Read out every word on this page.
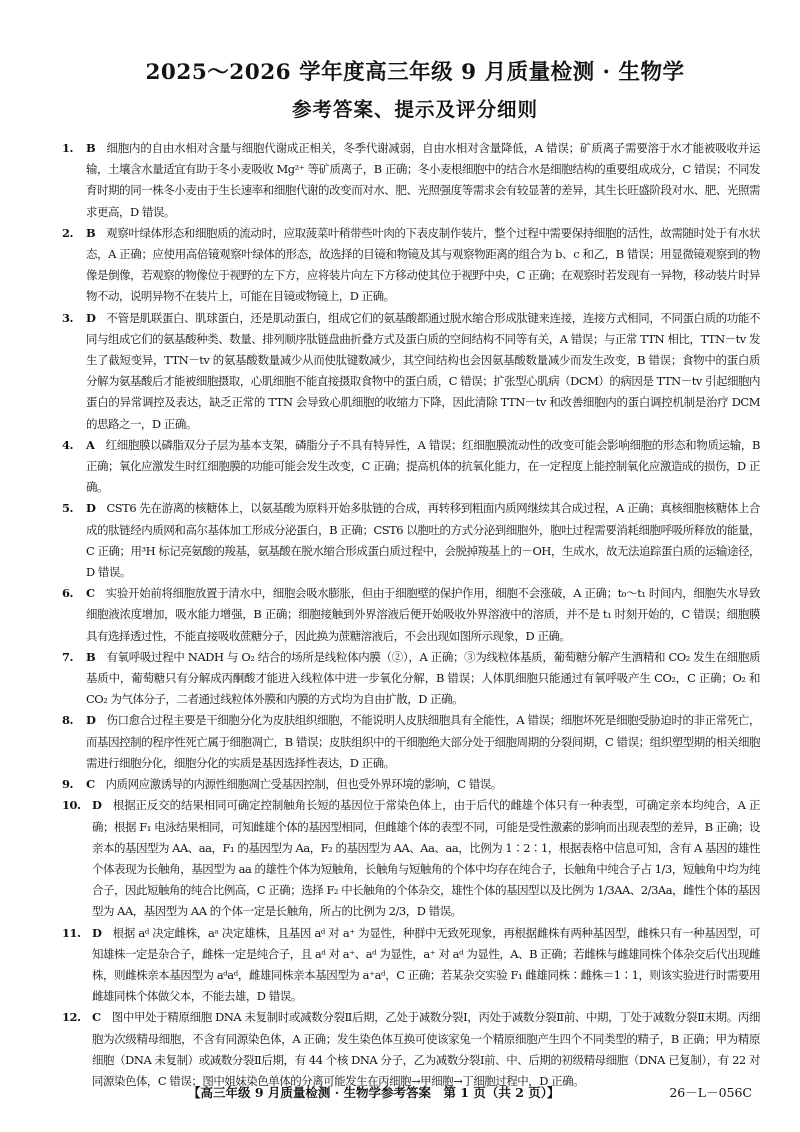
2025～2026 学年度高三年级 9 月质量检测 · 生物学
参考答案、提示及评分细则
1. B  细胞内的自由水相对含量与细胞代谢成正相关，冬季代谢减弱，自由水相对含量降低，A 错误；矿质离子需要溶于水才能被吸收并运输，土壤含水量适宜有助于冬小麦吸收 Mg²⁺ 等矿质离子，B 正确；冬小麦根细胞中的结合水是细胞结构的重要组成成分，C 错误；不同发育时期的同一株冬小麦由于生长速率和细胞代谢的改变而对水、肥、光照强度等需求会有较显著的差异，其生长旺盛阶段对水、肥、光照需求更高，D 错误。
2. B  观察叶绿体形态和细胞质的流动时，应取菠菜叶稍带些叶肉的下表皮制作装片，整个过程中需要保持细胞的活性，故需随时处于有水状态，A 正确；应使用高倍镜观察叶绿体的形态，故选择的目镜和物镜及其与观察物距离的组合为 b、c 和乙，B 错误；用显微镜观察到的物像是倒像，若观察的物像位于视野的左下方，应将装片向左下方移动使其位于视野中央，C 正确；在观察时若发现有一异物，移动装片时异物不动，说明异物不在装片上，可能在目镜或物镜上，D 正确。
3. D  不管是肌联蛋白、肌球蛋白，还是肌动蛋白，组成它们的氨基酸都通过脱水缩合形成肽键来连接，连接方式相同，不同蛋白质的功能不同与组成它们的氨基酸种类、数量、排列顺序肽链盘曲折叠方式及蛋白质的空间结构不同等有关，A 错误；与正常 TTN 相比，TTN－tv 发生了截短变异，TTN－tv 的氨基酸数量减少从而使肽键数减少，其空间结构也会因氨基酸数量减少而发生改变，B 错误；食物中的蛋白质分解为氨基酸后才能被细胞摄取，心肌细胞不能直接摄取食物中的蛋白质，C 错误；扩张型心肌病（DCM）的病因是 TTN－tv 引起细胞内蛋白的异常调控及表达，缺乏正常的 TTN 会导致心肌细胞的收缩力下降，因此清除 TTN－tv 和改善细胞内的蛋白调控机制是治疗 DCM 的思路之一，D 正确。
4. A  红细胞膜以磷脂双分子层为基本支架，磷脂分子不具有特异性，A 错误；红细胞膜流动性的改变可能会影响细胞的形态和物质运输，B 正确；氧化应激发生时红细胞膜的功能可能会发生改变，C 正确；提高机体的抗氧化能力，在一定程度上能控制氧化应激造成的损伤，D 正确。
5. D  CST6 先在游离的核糖体上，以氨基酸为原料开始多肽链的合成，再转移到粗面内质网继续其合成过程，A 正确；真核细胞核糖体上合成的肽链经内质网和高尔基体加工形成分泌蛋白，B 正确；CST6 以胞吐的方式分泌到细胞外，胞吐过程需要消耗细胞呼吸所释放的能量，C 正确；用³H 标记亮氨酸的羧基，氨基酸在脱水缩合形成蛋白质过程中，会脱掉羧基上的－OH，生成水，故无法追踪蛋白质的运输途径，D 错误。
6. C  实验开始前将细胞放置于清水中，细胞会吸水膨胀，但由于细胞壁的保护作用，细胞不会涨破，A 正确；t₀～t₁ 时间内，细胞失水导致细胞液浓度增加，吸水能力增强，B 正确；细胞接触到外界溶液后便开始吸收外界溶液中的溶质，并不是 t₁ 时刻开始的，C 错误；细胞膜具有选择透过性，不能直接吸收蔗糖分子，因此换为蔗糖溶液后，不会出现如图所示现象，D 正确。
7. B  有氧呼吸过程中 NADH 与 O₂ 结合的场所是线粒体内膜（②），A 正确；③为线粒体基质，葡萄糖分解产生酒精和 CO₂ 发生在细胞质基质中，葡萄糖只有分解成丙酮酸才能进入线粒体中进一步氧化分解，B 错误；人体肌细胞只能通过有氧呼吸产生 CO₂，C 正确；O₂ 和 CO₂ 为气体分子，二者通过线粒体外膜和内膜的方式均为自由扩散，D 正确。
8. D  伤口愈合过程主要是干细胞分化为皮肤组织细胞，不能说明人皮肤细胞具有全能性，A 错误；细胞坏死是细胞受胁迫时的非正常死亡，而基因控制的程序性死亡属于细胞凋亡，B 错误；皮肤组织中的干细胞绝大部分处于细胞周期的分裂间期，C 错误；组织塑型期的相关细胞需进行细胞分化，细胞分化的实质是基因选择性表达，D 正确。
9. C  内质网应激诱导的内源性细胞凋亡受基因控制，但也受外界环境的影响，C 错误。
10. D  根据正反交的结果相同可确定控制触角长短的基因位于常染色体上，由于后代的雌雄个体只有一种表型，可确定亲本均纯合，A 正确；根据 F₁ 电泳结果相同，可知雌雄个体的基因型相同，但雌雄个体的表型不同，可能是受性激素的影响而出现表型的差异，B 正确；设亲本的基因型为 AA、aa，F₁ 的基因型为 Aa，F₂ 的基因型为 AA、Aa、aa，比例为 1∶2∶1，根据表格中信息可知，含有 A 基因的雄性个体表现为长触角，基因型为 aa 的雄性个体为短触角，长触角与短触角的个体中均存在纯合子，长触角中纯合子占 1/3，短触角中均为纯合子，因此短触角的纯合比例高，C 正确；选择 F₂ 中长触角的个体杂交，雄性个体的基因型以及比例为 1/3AA、2/3Aa，雌性个体的基因型为 AA，基因型为 AA 的个体一定是长触角，所占的比例为 2/3，D 错误。
11. D  根据 aᵈ 决定雌株，aᵃ 决定雄株，且基因 aᵈ 对 a⁺ 为显性，种群中无致死现象，再根据雌株有两种基因型，雌株只有一种基因型，可知雄株一定是杂合子，雌株一定是纯合子，且 aᵈ 对 a⁺、aᵈ 为显性，a⁺ 对 aᵈ 为显性，A、B 正确；若雌株与雌雄同株个体杂交后代出现雌株，则雌株亲本基因型为 aᵈaᵈ，雌雄同株亲本基因型为 a⁺aᵈ，C 正确；若某杂交实验 F₁ 雌雄同株∶雌株＝1∶1，则该实验进行时需要用雌雄同株个体做父本，不能去雄，D 错误。
12. C  图中甲处于精原细胞 DNA 未复制时或减数分裂Ⅱ后期，乙处于减数分裂Ⅰ，丙处于减数分裂Ⅱ前、中期，丁处于减数分裂Ⅱ末期。丙细胞为次级精母细胞，不含有同源染色体，A 正确；发生染色体互换可使该家兔一个精原细胞产生四个不同类型的精子，B 正确；甲为精原细胞（DNA 未复制）或减数分裂Ⅱ后期，有 44 个核 DNA 分子，乙为减数分裂Ⅰ前、中、后期的初级精母细胞（DNA 已复制），有 22 对同源染色体，C 错误；图中姐妹染色单体的分离可能发生在丙细胞→甲细胞→丁细胞过程中，D 正确。
【高三年级 9 月质量检测 · 生物学参考答案　第 1 页（共 2 页）】	26－L－056C
